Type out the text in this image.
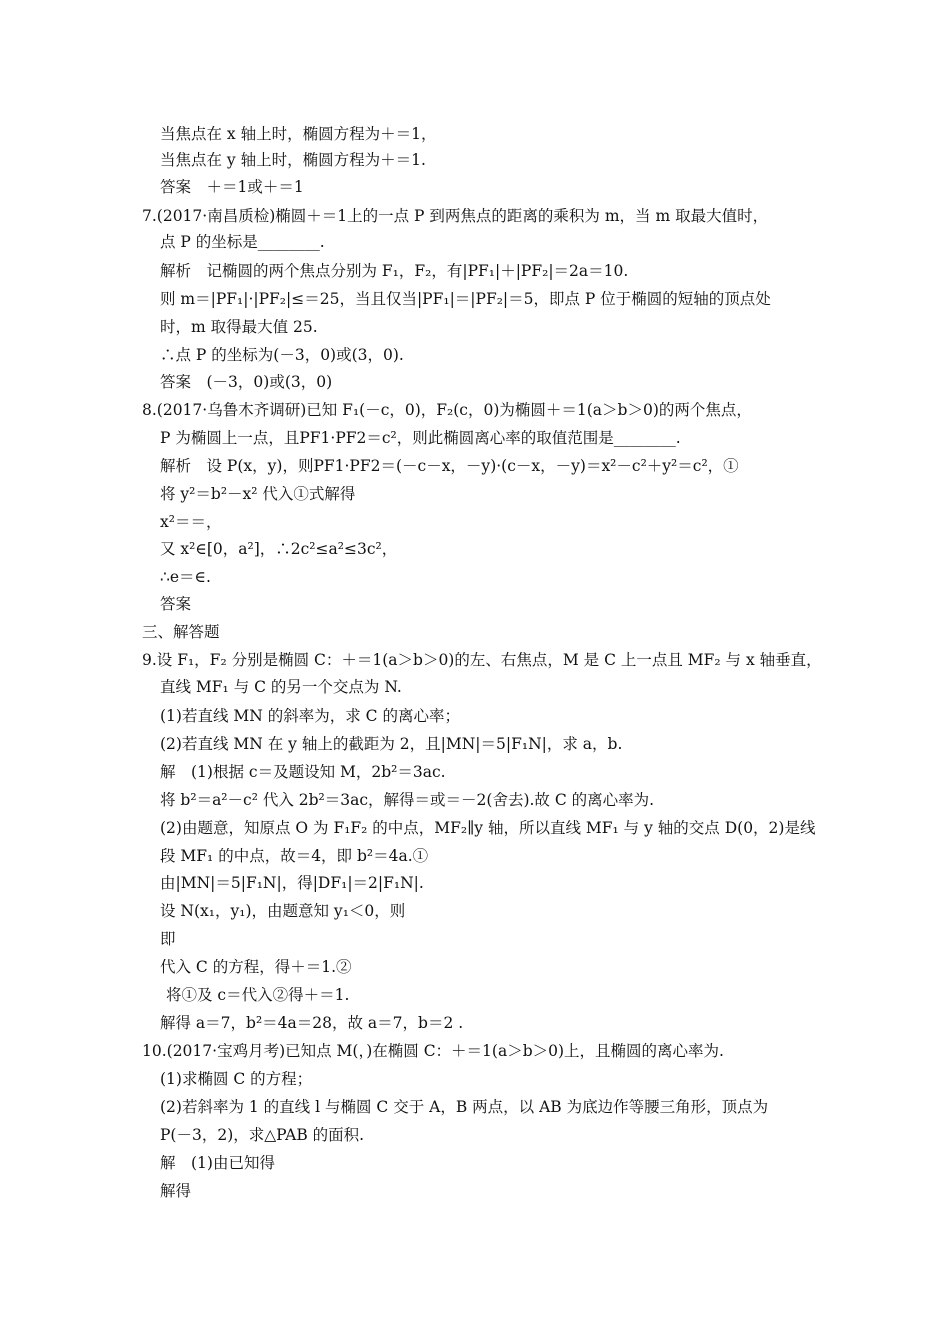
当焦点在 x 轴上时，椭圆方程为＋＝1，
当焦点在 y 轴上时，椭圆方程为＋＝1.
答案　＋＝1或＋＝1
7.(2017·南昌质检)椭圆＋＝1上的一点 P 到两焦点的距离的乘积为 m，当 m 取最大值时，
点 P 的坐标是________.
解析　记椭圆的两个焦点分别为 F₁，F₂，有|PF₁|＋|PF₂|＝2a＝10.
则 m＝|PF₁|·|PF₂|≤＝25，当且仅当|PF₁|＝|PF₂|＝5，即点 P 位于椭圆的短轴的顶点处
时，m 取得最大值 25.
∴点 P 的坐标为(－3，0)或(3，0).
答案　(－3，0)或(3，0)
8.(2017·乌鲁木齐调研)已知 F₁(－c，0)，F₂(c，0)为椭圆＋＝1(a＞b＞0)的两个焦点，
P 为椭圆上一点，且PF1·PF2＝c²，则此椭圆离心率的取值范围是________.
解析　设 P(x，y)，则PF1·PF2＝(－c－x，－y)·(c－x，－y)＝x²－c²＋y²＝c²，①
将 y²＝b²－x² 代入①式解得
x²＝＝，
又 x²∈[0，a²]，∴2c²≤a²≤3c²，
∴e＝∈.
答案
三、解答题
9.设 F₁，F₂ 分别是椭圆 C：＋＝1(a＞b＞0)的左、右焦点，M 是 C 上一点且 MF₂ 与 x 轴垂直，
直线 MF₁ 与 C 的另一个交点为 N.
(1)若直线 MN 的斜率为，求 C 的离心率；
(2)若直线 MN 在 y 轴上的截距为 2，且|MN|＝5|F₁N|，求 a，b.
解　(1)根据 c＝及题设知 M，2b²＝3ac.
将 b²＝a²－c² 代入 2b²＝3ac，解得＝或＝－2(舍去).故 C 的离心率为.
(2)由题意，知原点 O 为 F₁F₂ 的中点，MF₂∥y 轴，所以直线 MF₁ 与 y 轴的交点 D(0，2)是线
段 MF₁ 的中点，故＝4，即 b²＝4a.①
由|MN|＝5|F₁N|，得|DF₁|＝2|F₁N|.
设 N(x₁，y₁)，由题意知 y₁＜0，则
即
代入 C 的方程，得＋＝1.②
将①及 c＝代入②得＋＝1.
解得 a＝7，b²＝4a＝28，故 a＝7，b＝2 .
10.(2017·宝鸡月考)已知点 M(，)在椭圆 C：＋＝1(a＞b＞0)上，且椭圆的离心率为.
(1)求椭圆 C 的方程；
(2)若斜率为 1 的直线 l 与椭圆 C 交于 A，B 两点，以 AB 为底边作等腰三角形，顶点为
P(－3，2)，求△PAB 的面积.
解　(1)由已知得
解得
